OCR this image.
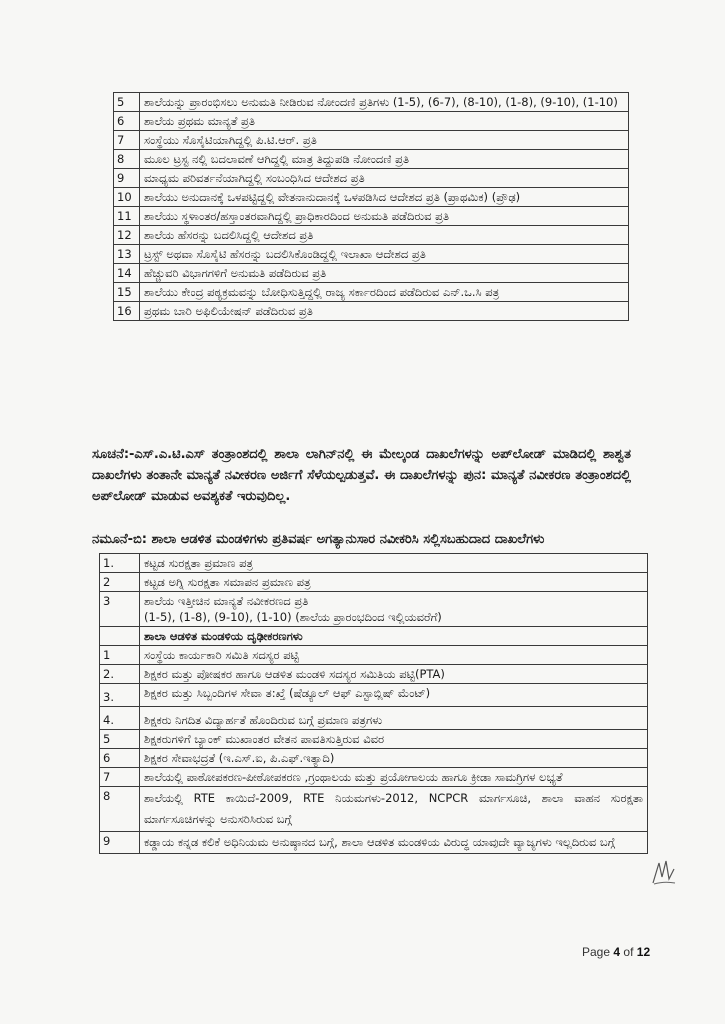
5	ಶಾಲೆಯನ್ನು ಪ್ರಾರಂಭಿಸಲು ಅನುಮತಿ ನೀಡಿರುವ ನೋಂದಣಿ ಪ್ರತಿಗಳು (1-5), (6-7), (8-10), (1-8), (9-10), (1-10)
6	ಶಾಲೆಯ ಪ್ರಥಮ ಮಾನ್ಯತೆ ಪ್ರತಿ
7	ಸಂಸ್ಥೆಯು ಸೊಸೈಟಿಯಾಗಿದ್ದಲ್ಲಿ ಪಿ.ಟಿ.ಆರ್. ಪ್ರತಿ
8	ಮೂಲ ಟ್ರಸ್ಟ ನಲ್ಲಿ ಬದಲಾವಣೆ ಆಗಿದ್ದಲ್ಲಿ ಮಾತ್ರ ತಿದ್ದುಪಡಿ ನೋಂದಣಿ ಪ್ರತಿ
9	ಮಾಧ್ಯಮ ಪರಿವರ್ತನೆಯಾಗಿದ್ದಲ್ಲಿ ಸಂಬಂಧಿಸಿದ ಆದೇಶದ ಪ್ರತಿ
10	ಶಾಲೆಯು ಅನುದಾನಕ್ಕೆ ಒಳಪಟ್ಟಿದ್ದಲ್ಲಿ ವೇತನಾನುದಾನಕ್ಕೆ ಒಳಪಡಿಸಿದ ಆದೇಶದ ಪ್ರತಿ (ಪ್ರಾಥಮಿಕ) (ಪ್ರೌಢ)
11	ಶಾಲೆಯು ಸ್ಥಳಾಂತರ/ಹಸ್ತಾಂತರವಾಗಿದ್ದಲ್ಲಿ ಪ್ರಾಧಿಕಾರದಿಂದ ಅನುಮತಿ ಪಡೆದಿರುವ ಪ್ರತಿ
12	ಶಾಲೆಯ ಹೆಸರನ್ನು ಬದಲಿಸಿದ್ದಲ್ಲಿ ಆದೇಶದ ಪ್ರತಿ
13	ಟ್ರಸ್ಟ್ ಅಥವಾ ಸೊಸೈಟಿ ಹೆಸರನ್ನು ಬದಲಿಸಿಕೊಂಡಿದ್ದಲ್ಲಿ ಇಲಾಖಾ ಆದೇಶದ ಪ್ರತಿ
14	ಹೆಚ್ಚುವರಿ ವಿಭಾಗಗಳಿಗೆ ಅನುಮತಿ ಪಡೆದಿರುವ ಪ್ರತಿ
15	ಶಾಲೆಯು ಕೇಂದ್ರ ಪಠ್ಯಕ್ರಮವನ್ನು ಬೋಧಿಸುತ್ತಿದ್ದಲ್ಲಿ ರಾಜ್ಯ ಸರ್ಕಾರದಿಂದ ಪಡೆದಿರುವ ಎನ್.ಒ.ಸಿ ಪತ್ರ
16	ಪ್ರಥಮ ಬಾರಿ ಅಫಿಲಿಯೇಷನ್ ಪಡೆದಿರುವ ಪ್ರತಿ

ಸೂಚನೆ:-ಎಸ್.ಎ.ಟಿ.ಎಸ್ ತಂತ್ರಾಂಶದಲ್ಲಿ ಶಾಲಾ ಲಾಗಿನ್‌ನಲ್ಲಿ ಈ ಮೇಲ್ಕಂಡ ದಾಖಲೆಗಳನ್ನು ಅಪ್‌ಲೋಡ್ ಮಾಡಿದಲ್ಲಿ ಶಾಶ್ವತ ದಾಖಲೆಗಳು ತಂತಾನೇ ಮಾನ್ಯತೆ ನವೀಕರಣ ಅರ್ಜಿಗೆ ಸೆಳೆಯಲ್ಪಡುತ್ತವೆ. ಈ ದಾಖಲೆಗಳನ್ನು ಪುನ: ಮಾನ್ಯತೆ ನವೀಕರಣ ತಂತ್ರಾಂಶದಲ್ಲಿ ಅಪ್‌ಲೋಡ್ ಮಾಡುವ ಅವಶ್ಯಕತೆ ಇರುವುದಿಲ್ಲ.

ನಮೂನೆ-ಬಿ: ಶಾಲಾ ಆಡಳಿತ ಮಂಡಳಿಗಳು ಪ್ರತಿವರ್ಷ ಅಗತ್ಯಾನುಸಾರ ನವೀಕರಿಸಿ ಸಲ್ಲಿಸಬಹುದಾದ ದಾಖಲೆಗಳು

1.	ಕಟ್ಟಡ ಸುರಕ್ಷತಾ ಪ್ರಮಾಣ ಪತ್ರ
2	ಕಟ್ಟಡ ಅಗ್ನಿ ಸುರಕ್ಷತಾ ಸಮಾಪನ ಪ್ರಮಾಣ ಪತ್ರ
3	ಶಾಲೆಯ ಇತ್ತೀಚಿನ ಮಾನ್ಯತೆ ನವೀಕರಣದ ಪ್ರತಿ
(1-5), (1-8), (9-10), (1-10) (ಶಾಲೆಯ ಪ್ರಾರಂಭದಿಂದ ಇಲ್ಲಿಯವರೆಗೆ)

	ಶಾಲಾ ಆಡಳಿತ ಮಂಡಳಿಯ ದೃಢೀಕರಣಗಳು
1	ಸಂಸ್ಥೆಯ ಕಾರ್ಯಕಾರಿ ಸಮಿತಿ ಸದಸ್ಯರ ಪಟ್ಟಿ
2.	ಶಿಕ್ಷಕರ ಮತ್ತು ಪೋಷಕರ ಹಾಗೂ ಆಡಳಿತ ಮಂಡಳಿ ಸದಸ್ಯರ ಸಮಿತಿಯ ಪಟ್ಟಿ(PTA)
3.	ಶಿಕ್ಷಕರ ಮತ್ತು ಸಿಬ್ಬಂದಿಗಳ ಸೇವಾ ತ:ಖ್ತೆ (ಷೆಡ್ಯೂಲ್ ಆಫ್ ಎಸ್ಟಾಬ್ಲಿಷ್ ಮೆಂಟ್)
4.	ಶಿಕ್ಷಕರು ನಿಗದಿತ ವಿದ್ಯಾರ್ಹತೆ ಹೊಂದಿರುವ ಬಗ್ಗೆ ಪ್ರಮಾಣ ಪತ್ರಗಳು
5	ಶಿಕ್ಷಕರುಗಳಿಗೆ ಬ್ಯಾಂಕ್ ಮುಖಾಂತರ ವೇತನ ಪಾವತಿಸುತ್ತಿರುವ ವಿವರ
6	ಶಿಕ್ಷಕರ ಸೇವಾಭದ್ರತೆ (ಇ.ಎಸ್.ಐ, ಪಿ.ಎಫ್.ಇತ್ಯಾದಿ)
7	ಶಾಲೆಯಲ್ಲಿ ಪಾಠೋಪಕರಣ-ಪೀಠೋಪಕರಣ ,ಗ್ರಂಥಾಲಯ ಮತ್ತು ಪ್ರಯೋಗಾಲಯ ಹಾಗೂ ಕ್ರೀಡಾ ಸಾಮಗ್ರಿಗಳ ಲಭ್ಯತೆ
8	ಶಾಲೆಯಲ್ಲಿ RTE ಕಾಯಿದೆ-2009, RTE ನಿಯಮಗಳು-2012, NCPCR ಮಾರ್ಗಸೂಚಿ, ಶಾಲಾ ವಾಹನ ಸುರಕ್ಷತಾ ಮಾರ್ಗಸೂಚಿಗಳನ್ನು ಅನುಸರಿಸಿರುವ ಬಗ್ಗೆ
9	ಕಡ್ಡಾಯ ಕನ್ನಡ ಕಲಿಕೆ ಅಧಿನಿಯಮ ಅನುಷ್ಠಾನದ ಬಗ್ಗೆ, ಶಾಲಾ ಆಡಳಿತ ಮಂಡಳಿಯ ವಿರುದ್ಧ ಯಾವುದೇ ವ್ಯಾಜ್ಯಗಳು ಇಲ್ಲದಿರುವ ಬಗ್ಗೆ
Page 4 of 12
